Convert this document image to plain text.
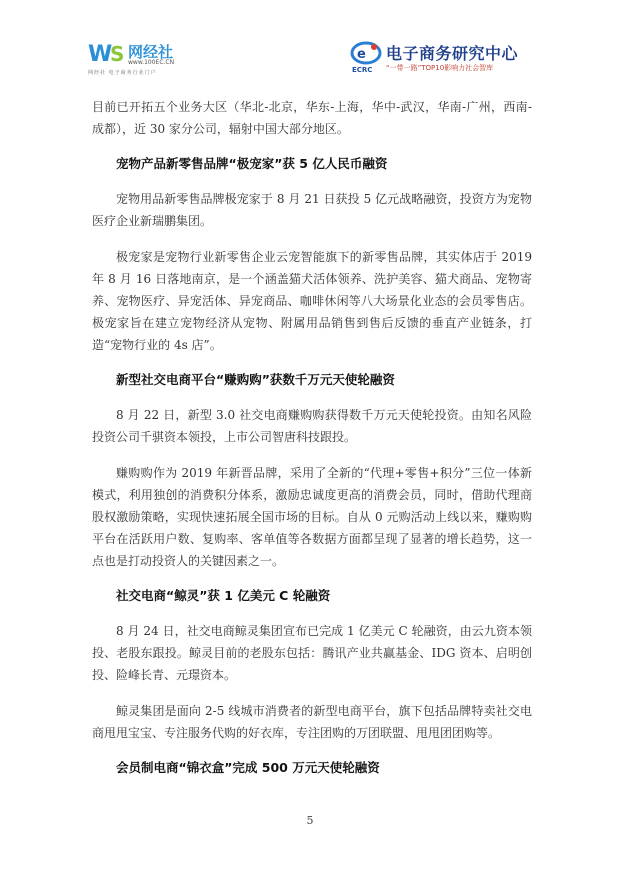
W
S 网经社
www.100EC.CN
网经社 电子商务行业门户
e
ECRC
电子商务研究中心
“一带一路”TOP10影响力社会智库

目前已开拓五个业务大区（华北-北京，华东-上海，华中-武汉，华南-广州，西南-成都），近 30 家分公司，辐射中国大部分地区。

宠物产品新零售品牌“极宠家”获 5 亿人民币融资

宠物用品新零售品牌极宠家于 8 月 21 日获投 5 亿元战略融资，投资方为宠物医疗企业新瑞鹏集团。

极宠家是宠物行业新零售企业云宠智能旗下的新零售品牌，其实体店于 2019 年 8 月 16 日落地南京，是一个涵盖猫犬活体领养、洗护美容、猫犬商品、宠物寄养、宠物医疗、异宠活体、异宠商品、咖啡休闲等八大场景化业态的会员零售店。极宠家旨在建立宠物经济从宠物、附属用品销售到售后反馈的垂直产业链条，打造“宠物行业的 4s 店”。

新型社交电商平台“赚购购”获数千万元天使轮融资

8 月 22 日，新型 3.0 社交电商赚购购获得数千万元天使轮投资。由知名风险投资公司千骐资本领投，上市公司智唐科技跟投。

赚购购作为 2019 年新晋品牌，采用了全新的“代理+零售+积分”三位一体新模式，利用独创的消费积分体系，激励忠诚度更高的消费会员，同时，借助代理商股权激励策略，实现快速拓展全国市场的目标。自从 0 元购活动上线以来，赚购购平台在活跃用户数、复购率、客单值等各数据方面都呈现了显著的增长趋势，这一点也是打动投资人的关键因素之一。

社交电商“鲸灵”获 1 亿美元 C 轮融资

8 月 24 日，社交电商鲸灵集团宣布已完成 1 亿美元 C 轮融资，由云九资本领投、老股东跟投。鲸灵目前的老股东包括：腾讯产业共赢基金、IDG 资本、启明创投、险峰长青、元璟资本。

鲸灵集团是面向 2-5 线城市消费者的新型电商平台，旗下包括品牌特卖社交电商甩甩宝宝、专注服务代购的好衣库，专注团购的万团联盟、甩甩团团购等。

会员制电商“锦衣盒”完成 500 万元天使轮融资
5
